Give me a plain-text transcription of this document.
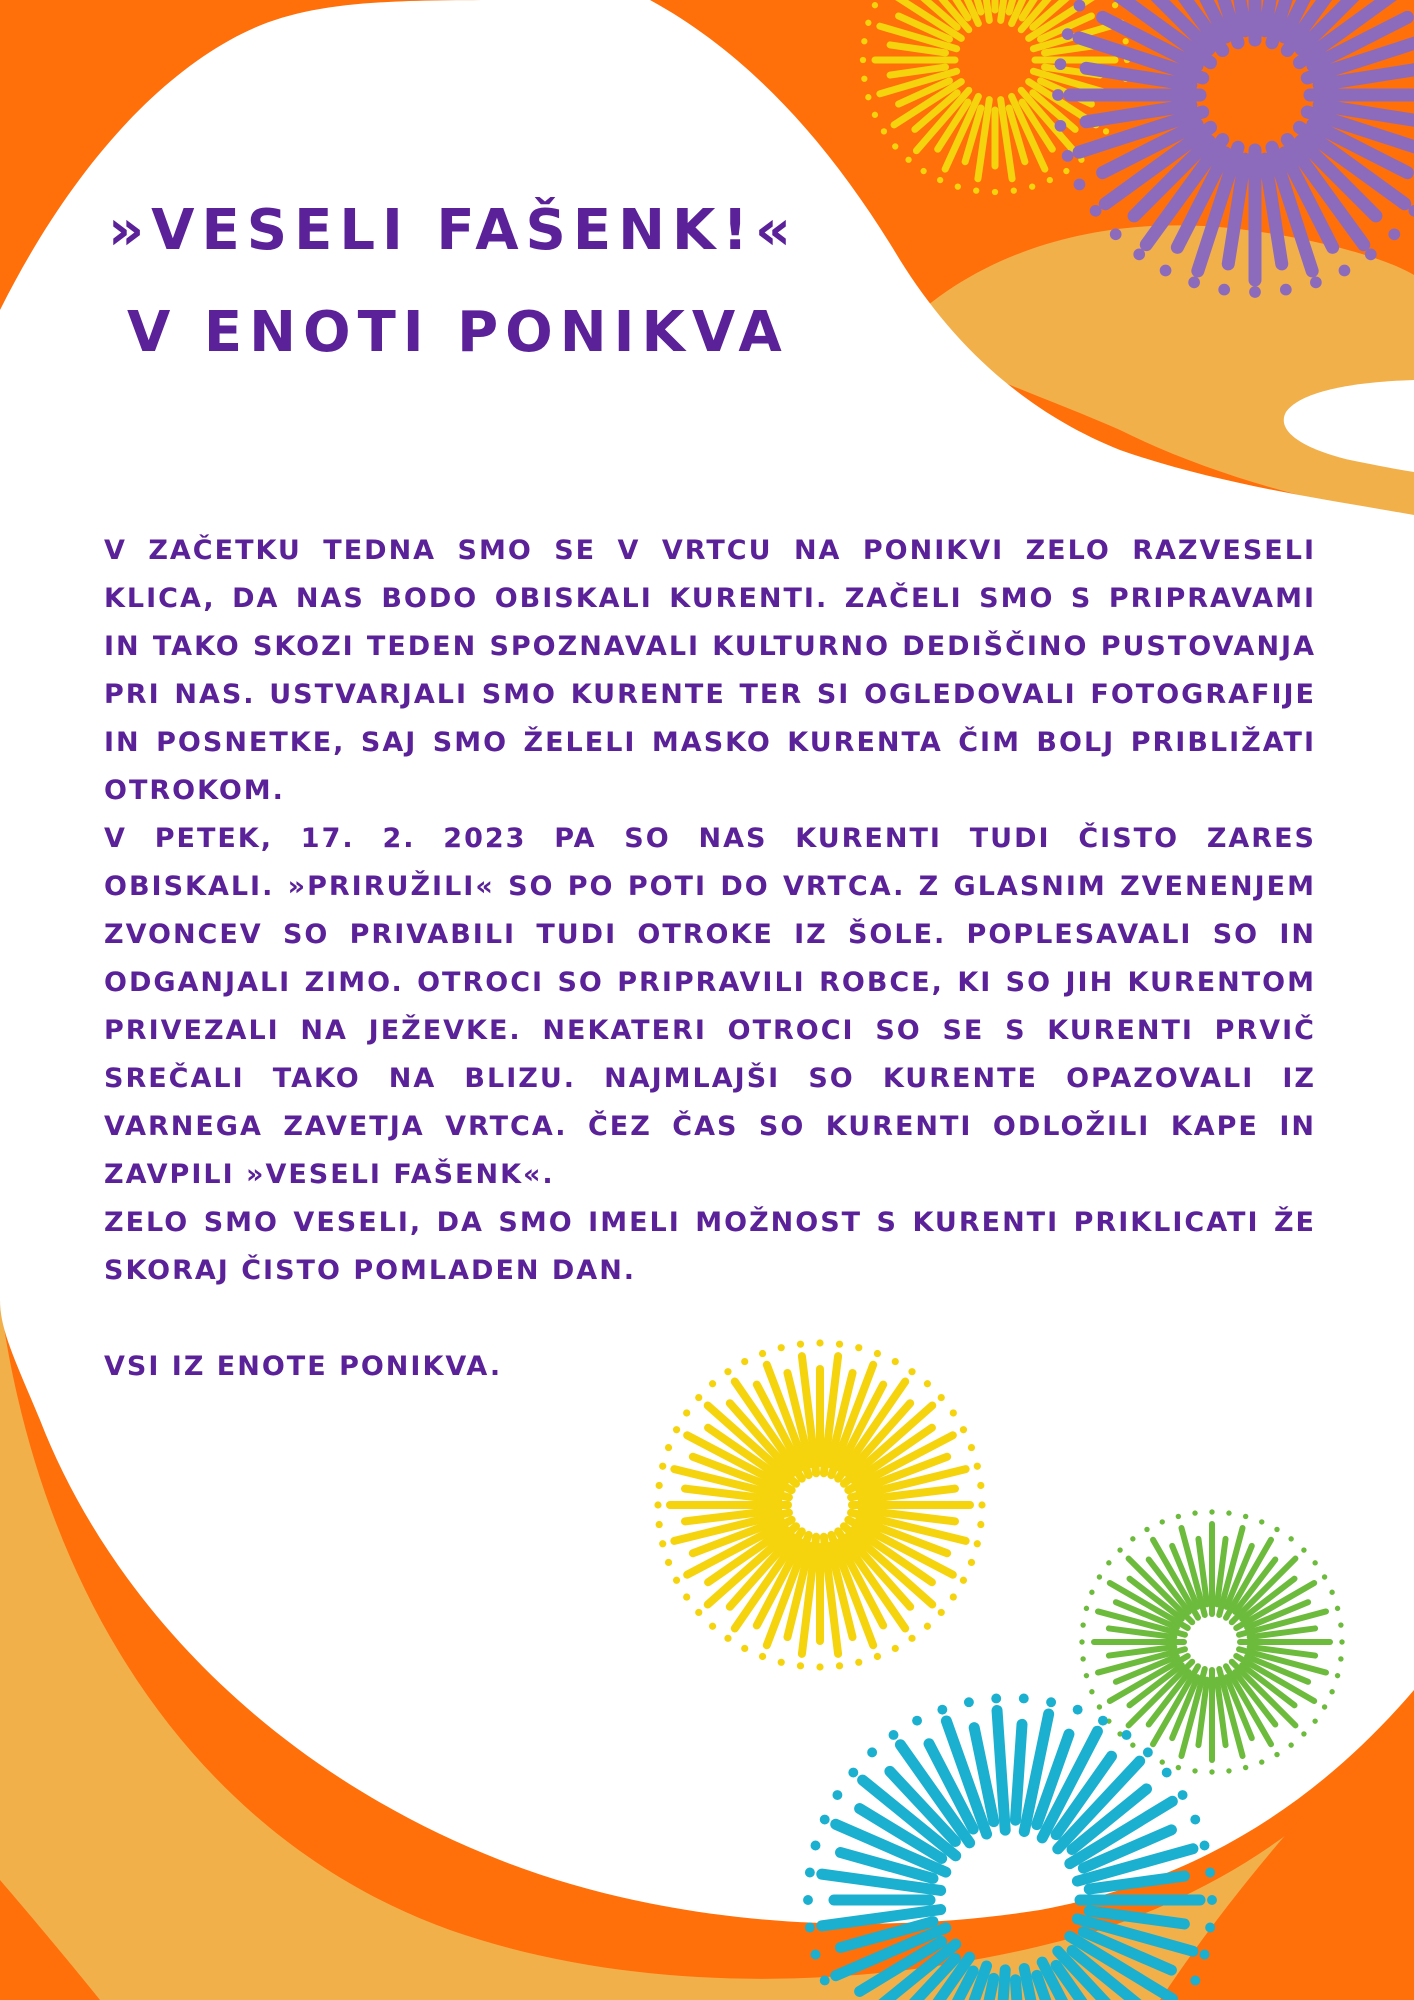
»VESELI FAŠENK!«
V ENOTI PONIKVA

V ZAČETKU TEDNA SMO SE V VRTCU NA PONIKVI ZELO RAZVESELI KLICA, DA NAS BODO OBISKALI KURENTI. ZAČELI SMO S PRIPRAVAMI IN TAKO SKOZI TEDEN SPOZNAVALI KULTURNO DEDIŠČINO PUSTOVANJA PRI NAS. USTVARJALI SMO KURENTE TER SI OGLEDOVALI FOTOGRAFIJE IN POSNETKE, SAJ SMO ŽELELI MASKO KURENTA ČIM BOLJ PRIBLIŽATI OTROKOM.

V PETEK, 17. 2. 2023 PA SO NAS KURENTI TUDI ČISTO ZARES OBISKALI. »PRIRUŽILI« SO PO POTI DO VRTCA. Z GLASNIM ZVENENJEM ZVONCEV SO PRIVABILI TUDI OTROKE IZ ŠOLE. POPLESAVALI SO IN ODGANJALI ZIMO. OTROCI SO PRIPRAVILI ROBCE, KI SO JIH KURENTOM PRIVEZALI NA JEŽEVKE. NEKATERI OTROCI SO SE S KURENTI PRVIČ SREČALI TAKO NA BLIZU. NAJMLAJŠI SO KURENTE OPAZOVALI IZ VARNEGA ZAVETJA VRTCA. ČEZ ČAS SO KURENTI ODLOŽILI KAPE IN ZAVPILI »VESELI FAŠENK«.

ZELO SMO VESELI, DA SMO IMELI MOŽNOST S KURENTI PRIKLICATI ŽE SKORAJ ČISTO POMLADEN DAN.

VSI IZ ENOTE PONIKVA.
